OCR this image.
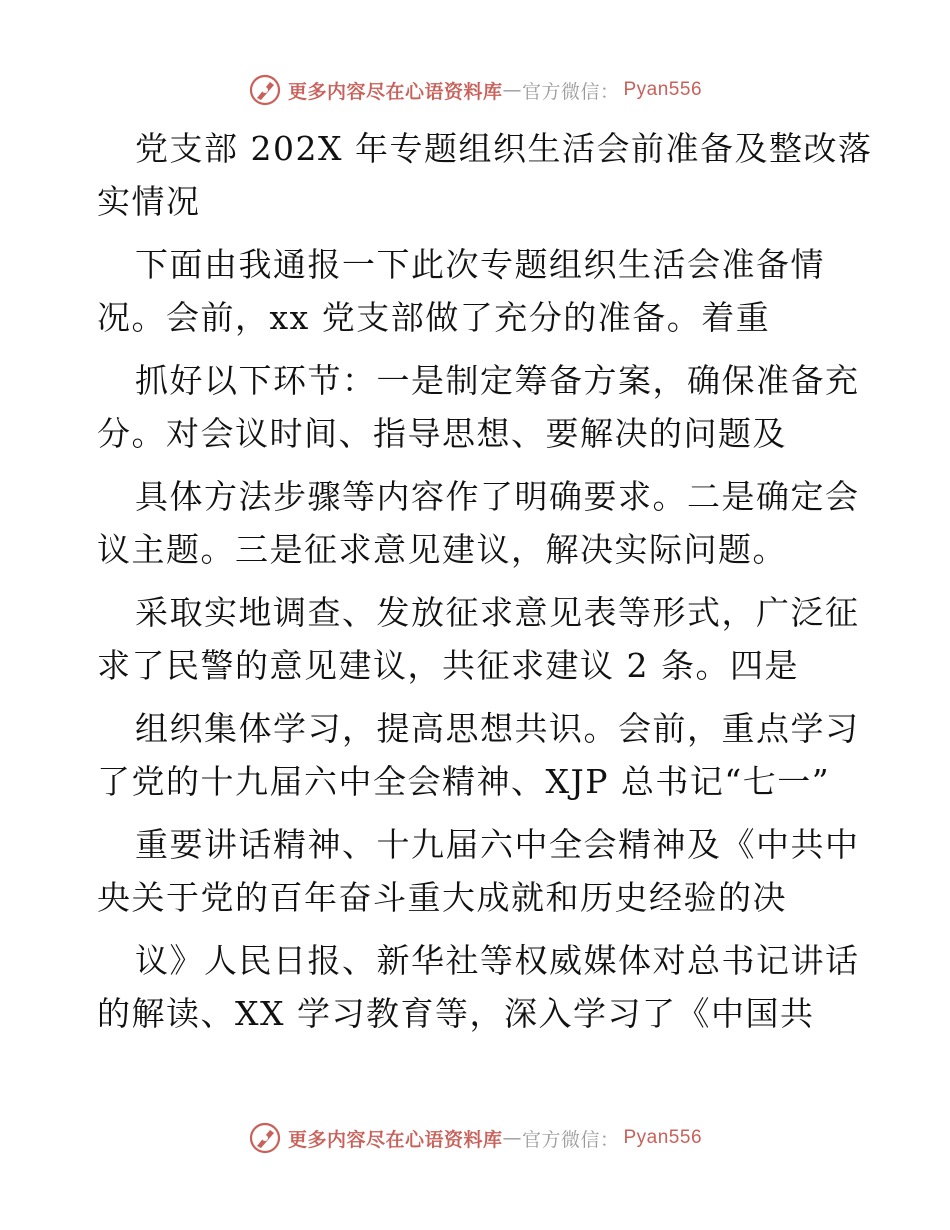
更多内容尽在心语资料库 — 官方微信： Pyan556
党支部 202X 年专题组织生活会前准备及整改落
实情况
下面由我通报一下此次专题组织生活会准备情
况。会前，xx 党支部做了充分的准备。着重
抓好以下环节：一是制定筹备方案，确保准备充
分。对会议时间、指导思想、要解决的问题及
具体方法步骤等内容作了明确要求。二是确定会
议主题。三是征求意见建议，解决实际问题。
采取实地调查、发放征求意见表等形式，广泛征
求了民警的意见建议，共征求建议 2 条。四是
组织集体学习，提高思想共识。会前，重点学习
了党的十九届六中全会精神、XJP 总书记“七一”
重要讲话精神、十九届六中全会精神及《中共中
央关于党的百年奋斗重大成就和历史经验的决
议》人民日报、新华社等权威媒体对总书记讲话
的解读、XX 学习教育等，深入学习了《中国共
更多内容尽在心语资料库 — 官方微信： Pyan556
